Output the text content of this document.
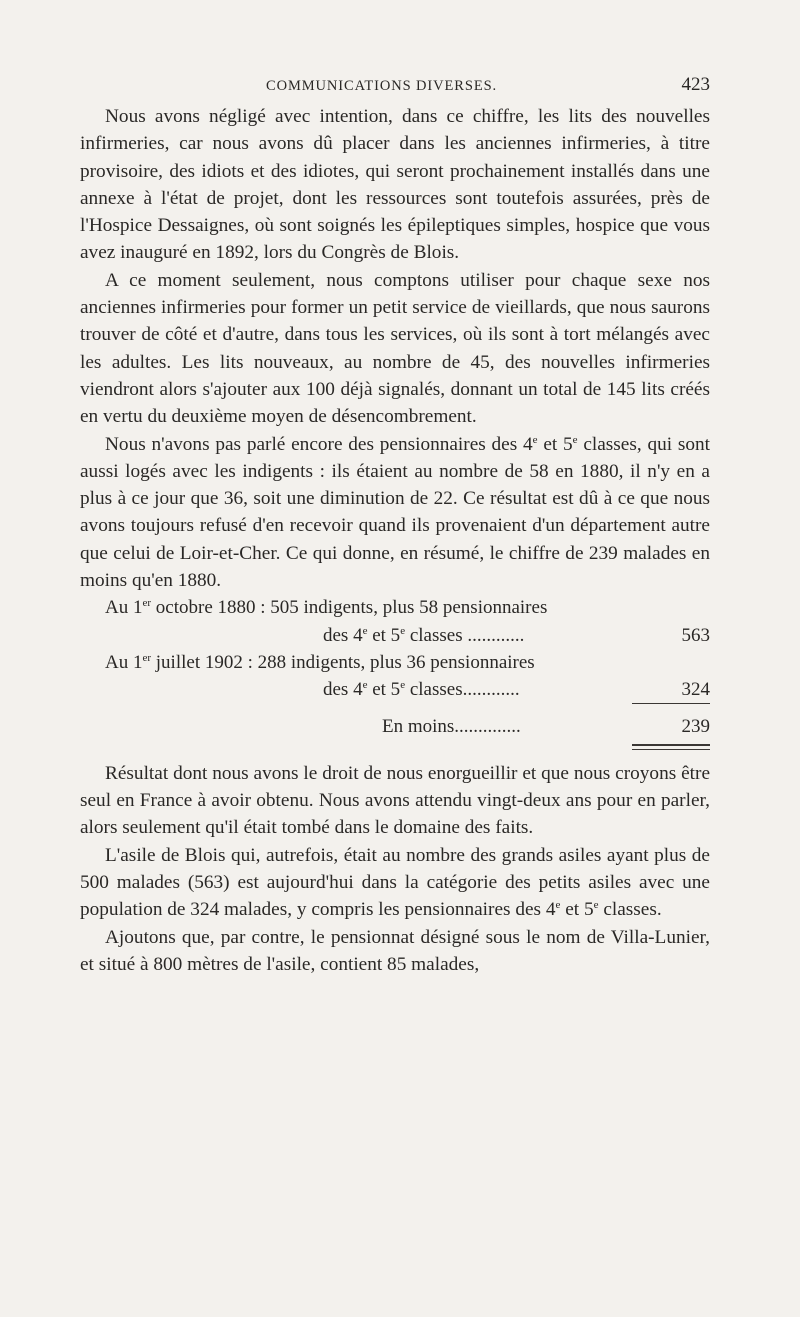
COMMUNICATIONS DIVERSES.	423

Nous avons négligé avec intention, dans ce chiffre, les lits des nouvelles infirmeries, car nous avons dû placer dans les anciennes infirmeries, à titre provisoire, des idiots et des idiotes, qui seront prochainement installés dans une annexe à l'état de projet, dont les ressources sont toutefois assurées, près de l'Hospice Dessaignes, où sont soignés les épileptiques simples, hospice que vous avez inauguré en 1892, lors du Congrès de Blois.

A ce moment seulement, nous comptons utiliser pour chaque sexe nos anciennes infirmeries pour former un petit service de vieillards, que nous saurons trouver de côté et d'autre, dans tous les services, où ils sont à tort mélangés avec les adultes. Les lits nouveaux, au nombre de 45, des nouvelles infirmeries viendront alors s'ajouter aux 100 déjà signalés, donnant un total de 145 lits créés en vertu du deuxième moyen de désencombrement.

Nous n'avons pas parlé encore des pensionnaires des 4e et 5e classes, qui sont aussi logés avec les indigents : ils étaient au nombre de 58 en 1880, il n'y en a plus à ce jour que 36, soit une diminution de 22. Ce résultat est dû à ce que nous avons toujours refusé d'en recevoir quand ils provenaient d'un département autre que celui de Loir-et-Cher. Ce qui donne, en résumé, le chiffre de 239 malades en moins qu'en 1880.

Au 1er octobre 1880 : 505 indigents, plus 58 pensionnaires
des 4e et 5e classes ............	563
Au 1er juillet 1902 : 288 indigents, plus 36 pensionnaires
des 4e et 5e classes............	324
En moins..............	239

Résultat dont nous avons le droit de nous enorgueillir et que nous croyons être seul en France à avoir obtenu. Nous avons attendu vingt-deux ans pour en parler, alors seulement qu'il était tombé dans le domaine des faits.

L'asile de Blois qui, autrefois, était au nombre des grands asiles ayant plus de 500 malades (563) est aujourd'hui dans la catégorie des petits asiles avec une population de 324 malades, y compris les pensionnaires des 4e et 5e classes.

Ajoutons que, par contre, le pensionnat désigné sous le nom de Villa-Lunier, et situé à 800 mètres de l'asile, contient 85 malades,
